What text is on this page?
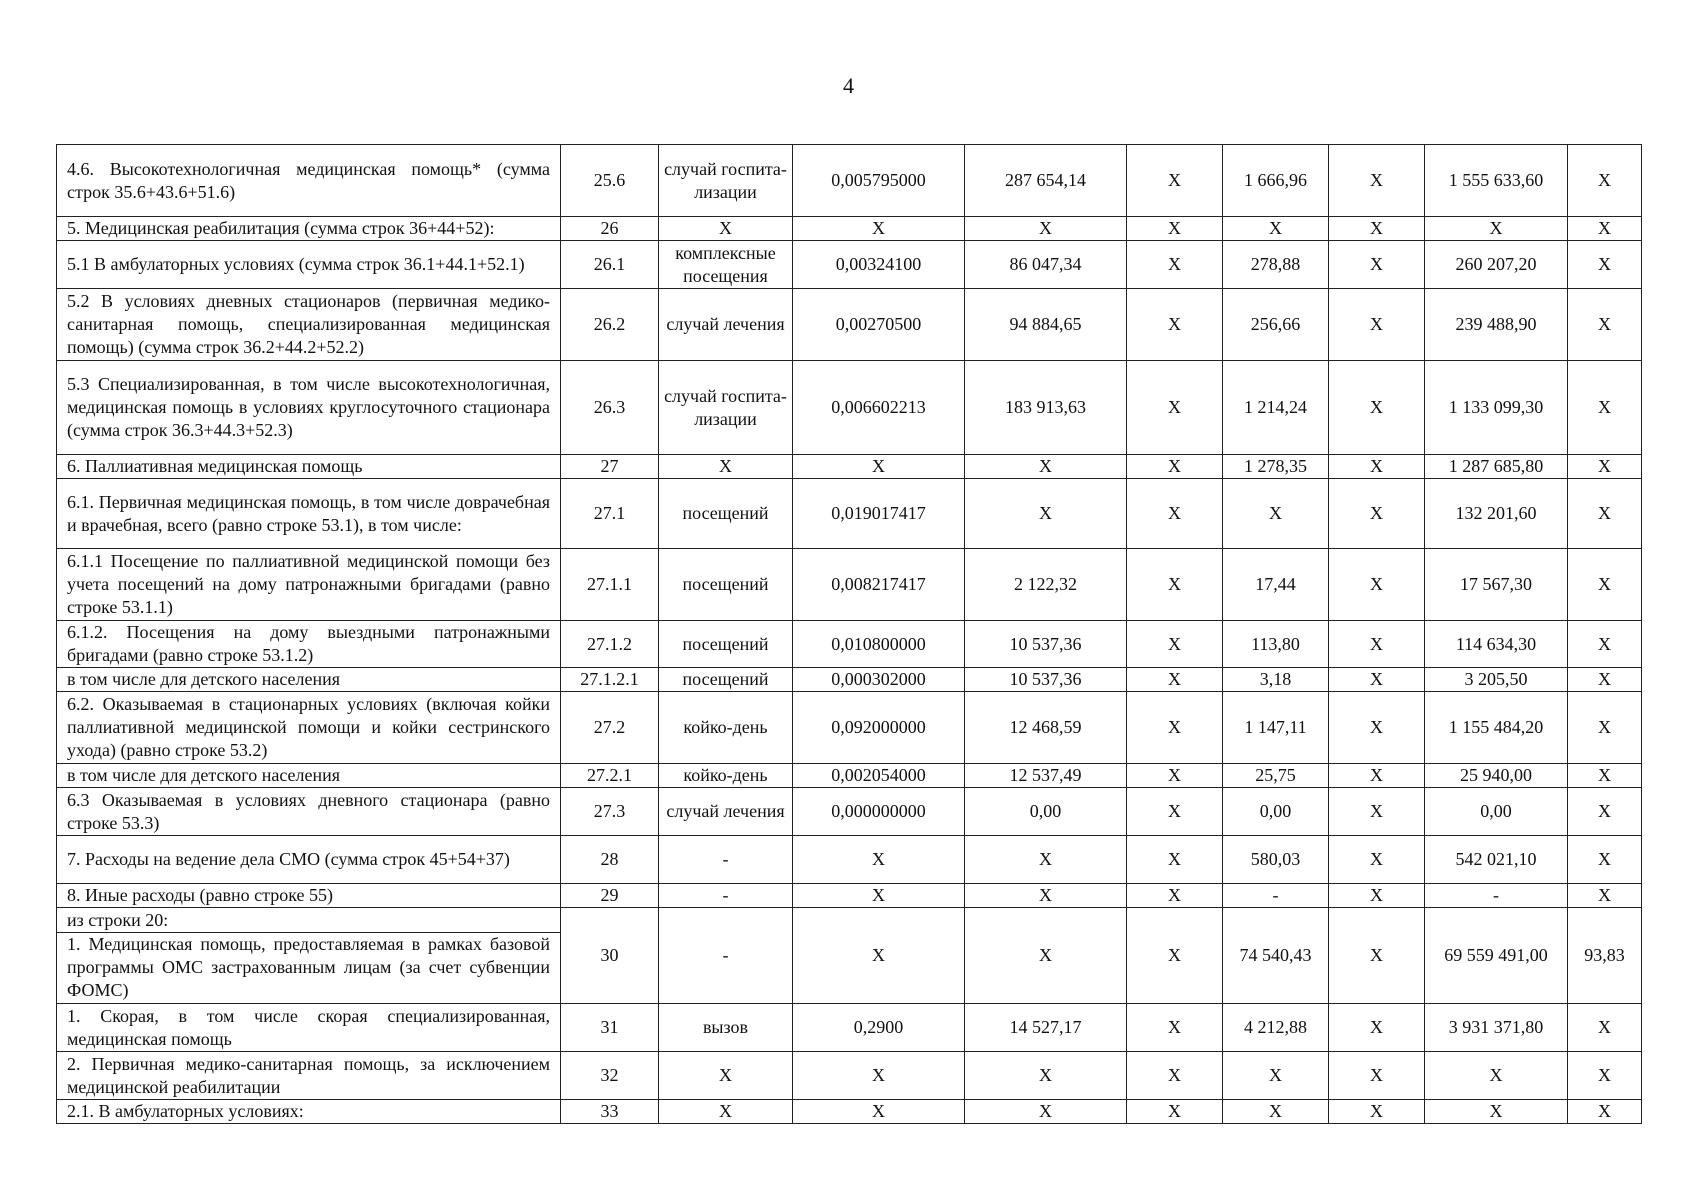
4
4.6. Высокотехнологичная медицинская помощь* (сумма строк 35.6+43.6+51.6)	25.6	случай госпита-лизации	0,005795000	287 654,14	X	1 666,96	X	1 555 633,60	X
5. Медицинская реабилитация (сумма строк 36+44+52):	26	X	X	X	X	X	X	X	X
5.1 В амбулаторных условиях (сумма строк 36.1+44.1+52.1)	26.1	комплексные посещения	0,00324100	86 047,34	X	278,88	X	260 207,20	X
5.2 В условиях дневных стационаров (первичная медико-санитарная помощь, специализированная медицинская помощь) (сумма строк 36.2+44.2+52.2)	26.2	случай лечения	0,00270500	94 884,65	X	256,66	X	239 488,90	X
5.3 Специализированная, в том числе высокотехнологичная, медицинская помощь в условиях круглосуточного стационара (сумма строк 36.3+44.3+52.3)	26.3	случай госпита-лизации	0,006602213	183 913,63	X	1 214,24	X	1 133 099,30	X
6. Паллиативная медицинская помощь	27	X	X	X	X	1 278,35	X	1 287 685,80	X
6.1. Первичная медицинская помощь, в том числе доврачебная и врачебная, всего (равно строке 53.1), в том числе:	27.1	посещений	0,019017417	X	X	X	X	132 201,60	X
6.1.1 Посещение по паллиативной медицинской помощи без учета посещений на дому патронажными бригадами (равно строке 53.1.1)	27.1.1	посещений	0,008217417	2 122,32	X	17,44	X	17 567,30	X
6.1.2. Посещения на дому выездными патронажными бригадами (равно строке 53.1.2)	27.1.2	посещений	0,010800000	10 537,36	X	113,80	X	114 634,30	X
в том числе для детского населения	27.1.2.1	посещений	0,000302000	10 537,36	X	3,18	X	3 205,50	X
6.2. Оказываемая в стационарных условиях (включая койки паллиативной медицинской помощи и койки сестринского ухода) (равно строке 53.2)	27.2	койко-день	0,092000000	12 468,59	X	1 147,11	X	1 155 484,20	X
в том числе для детского населения	27.2.1	койко-день	0,002054000	12 537,49	X	25,75	X	25 940,00	X
6.3 Оказываемая в условиях дневного стационара (равно строке 53.3)	27.3	случай лечения	0,000000000	0,00	X	0,00	X	0,00	X
7. Расходы на ведение дела СМО (сумма строк 45+54+37)	28	-	X	X	X	580,03	X	542 021,10	X
8. Иные расходы (равно строке 55)	29	-	X	X	X	-	X	-	X

из строки 20:
1. Медицинская помощь, предоставляемая в рамках базовой программы ОМС застрахованным лицам (за счет субвенции ФОМС)	30	-	X	X	X	74 540,43	X	69 559 491,00	93,83
1. Скорая, в том числе скорая специализированная, медицинская помощь	31	вызов	0,2900	14 527,17	X	4 212,88	X	3 931 371,80	X
2. Первичная медико-санитарная помощь, за исключением медицинской реабилитации	32	X	X	X	X	X	X	X	X
2.1. В амбулаторных условиях:	33	X	X	X	X	X	X	X	X
